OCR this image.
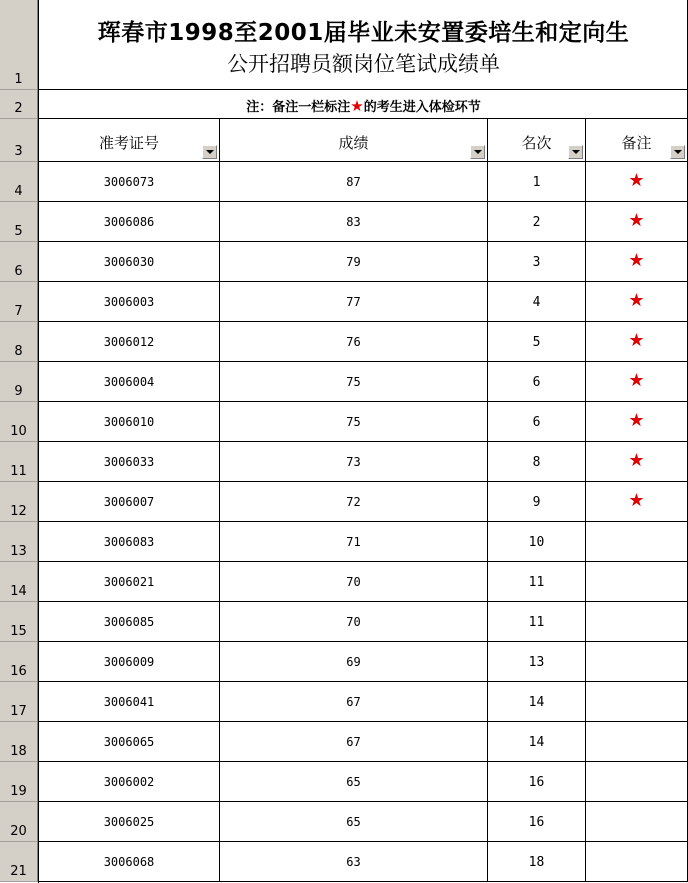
珲春市1998至2001届毕业未安置委培生和定向生
公开招聘员额岗位笔试成绩单
注：备注一栏标注★的考生进入体检环节
准考证号	成绩	名次	备注
1
2
3
4
5
6
7
8
9
10
11
12
13
14
15
16
17
18
19
20
21
3006073	87	1	★
3006086	83	2	★
3006030	79	3	★
3006003	77	4	★
3006012	76	5	★
3006004	75	6	★
3006010	75	6	★
3006033	73	8	★
3006007	72	9	★
3006083	71	10
3006021	70	11
3006085	70	11
3006009	69	13
3006041	67	14
3006065	67	14
3006002	65	16
3006025	65	16
3006068	63	18
